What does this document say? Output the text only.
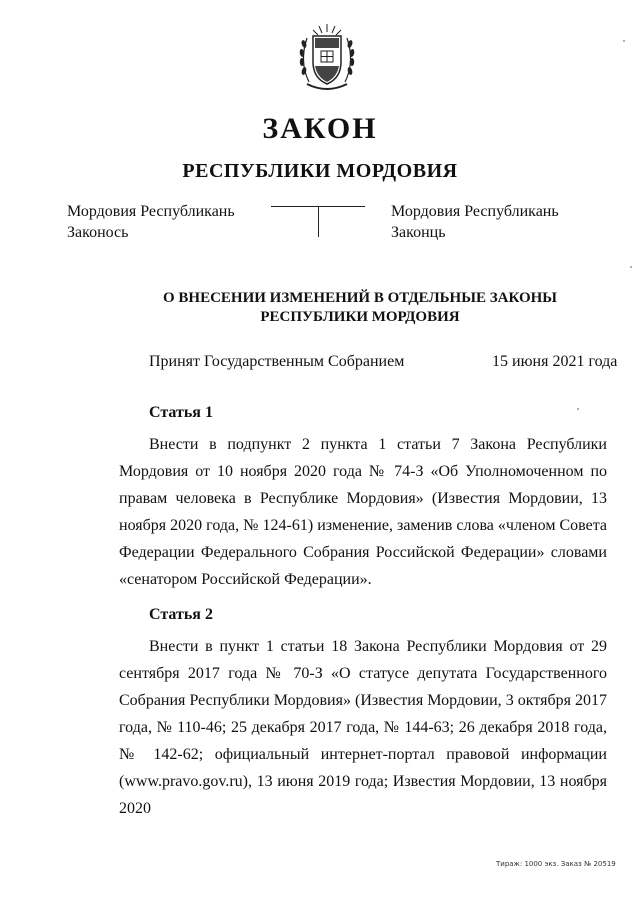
ЗАКОН
РЕСПУБЛИКИ МОРДОВИЯ
Мордовия Республикань
Законось
Мордовия Республикань
Законць
О ВНЕСЕНИИ ИЗМЕНЕНИЙ В ОТДЕЛЬНЫЕ ЗАКОНЫ
РЕСПУБЛИКИ МОРДОВИЯ
Принят Государственным Собранием	15 июня 2021 года
Статья 1
Внести в подпункт 2 пункта 1 статьи 7 Закона Республики Мордовия от 10 ноября 2020 года № 74-З «Об Уполномоченном по правам человека в Республике Мордовия» (Известия Мордовии, 13 ноября 2020 года, № 124-61) изменение, заменив слова «членом Совета Федерации Федерального Собрания Российской Федерации» словами «сенатором Российской Федерации».
Статья 2
Внести в пункт 1 статьи 18 Закона Республики Мордовия от 29 сентября 2017 года № 70-З «О статусе депутата Государственного Собрания Республики Мордовия» (Известия Мордовии, 3 октября 2017 года, № 110-46; 25 декабря 2017 года, № 144-63; 26 декабря 2018 года, № 142-62; официальный интернет-портал правовой информации (www.pravo.gov.ru), 13 июня 2019 года; Известия Мордовии, 13 ноября 2020
Тираж: 1000 экз. Заказ № 20519
